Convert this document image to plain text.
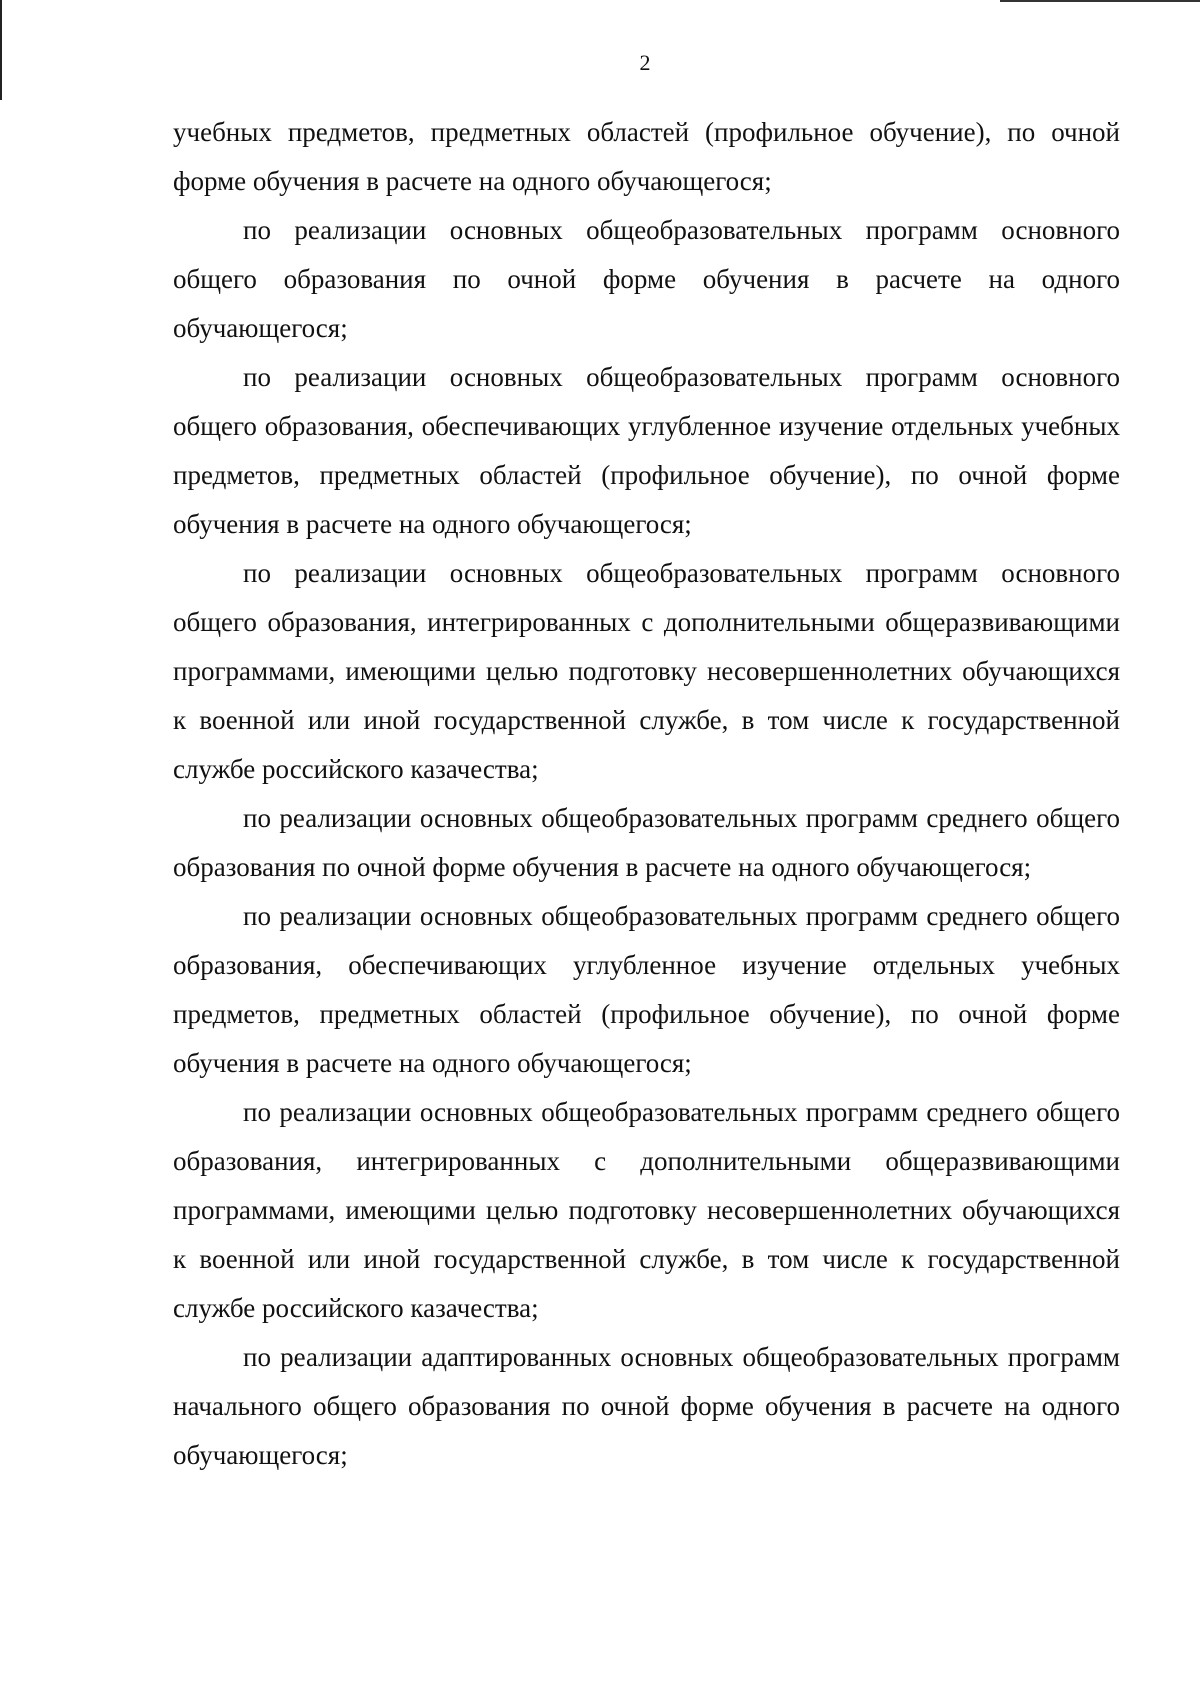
2

учебных предметов, предметных областей (профильное обучение), по очной форме обучения в расчете на одного обучающегося;

по реализации основных общеобразовательных программ основного общего образования по очной форме обучения в расчете на одного обучающегося;

по реализации основных общеобразовательных программ основного общего образования, обеспечивающих углубленное изучение отдельных учебных предметов, предметных областей (профильное обучение), по очной форме обучения в расчете на одного обучающегося;

по реализации основных общеобразовательных программ основного общего образования, интегрированных с дополнительными общеразвивающими программами, имеющими целью подготовку несовершеннолетних обучающихся к военной или иной государственной службе, в том числе к государственной службе российского казачества;

по реализации основных общеобразовательных программ среднего общего образования по очной форме обучения в расчете на одного обучающегося;

по реализации основных общеобразовательных программ среднего общего образования, обеспечивающих углубленное изучение отдельных учебных предметов, предметных областей (профильное обучение), по очной форме обучения в расчете на одного обучающегося;

по реализации основных общеобразовательных программ среднего общего образования, интегрированных с дополнительными общеразвивающими программами, имеющими целью подготовку несовершеннолетних обучающихся к военной или иной государственной службе, в том числе к государственной службе российского казачества;

по реализации адаптированных основных общеобразовательных программ начального общего образования по очной форме обучения в расчете на одного обучающегося;
